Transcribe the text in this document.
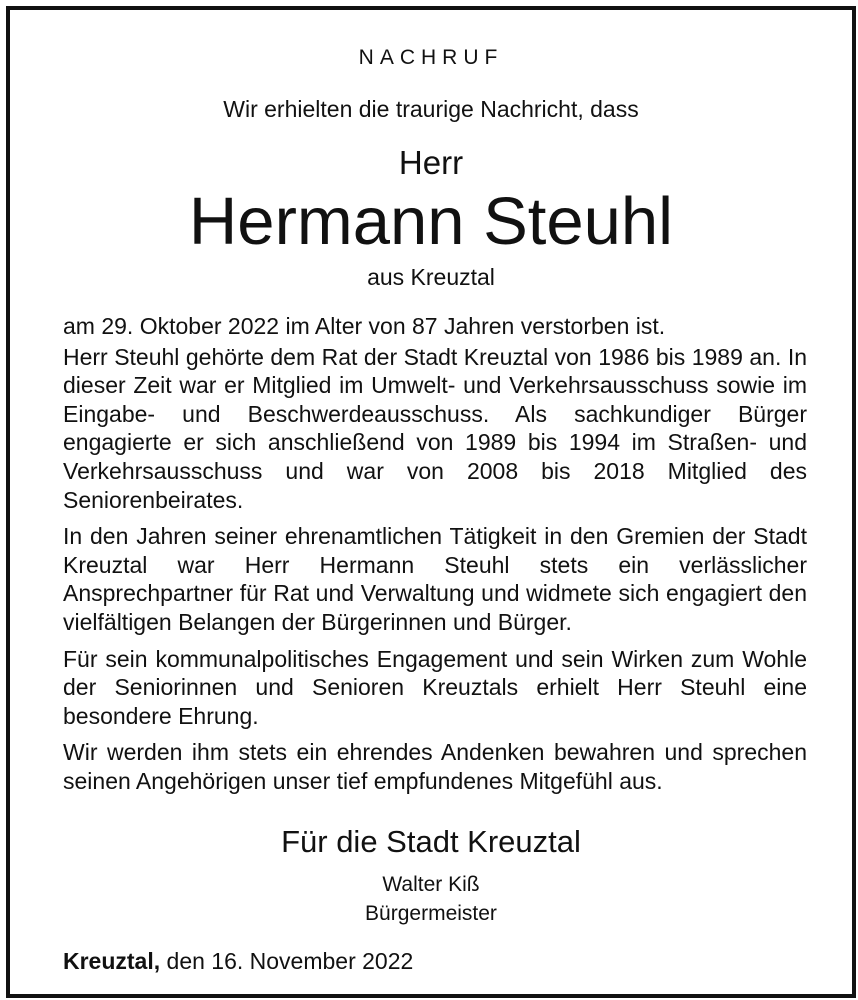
NACHRUF
Wir erhielten die traurige Nachricht, dass
Herr
Hermann Steuhl
aus Kreuztal

am 29. Oktober 2022 im Alter von 87 Jahren verstorben ist.

Herr Steuhl gehörte dem Rat der Stadt Kreuztal von 1986 bis 1989 an. In dieser Zeit war er Mitglied im Umwelt- und Verkehrsausschuss sowie im Eingabe- und Beschwerdeausschuss. Als sachkundiger Bürger engagierte er sich anschließend von 1989 bis 1994 im Straßen- und Verkehrsausschuss und war von 2008 bis 2018 Mitglied des Seniorenbeirates.

In den Jahren seiner ehrenamtlichen Tätigkeit in den Gremien der Stadt Kreuztal war Herr Hermann Steuhl stets ein verlässlicher Ansprechpartner für Rat und Verwaltung und widmete sich engagiert den vielfältigen Belangen der Bürgerinnen und Bürger.

Für sein kommunalpolitisches Engagement und sein Wirken zum Wohle der Seniorinnen und Senioren Kreuztals erhielt Herr Steuhl eine besondere Ehrung.

Wir werden ihm stets ein ehrendes Andenken bewahren und sprechen seinen Angehörigen unser tief empfundenes Mitgefühl aus.

Für die Stadt Kreuztal
Walter Kiß
Bürgermeister
Kreuztal, den 16. November 2022
